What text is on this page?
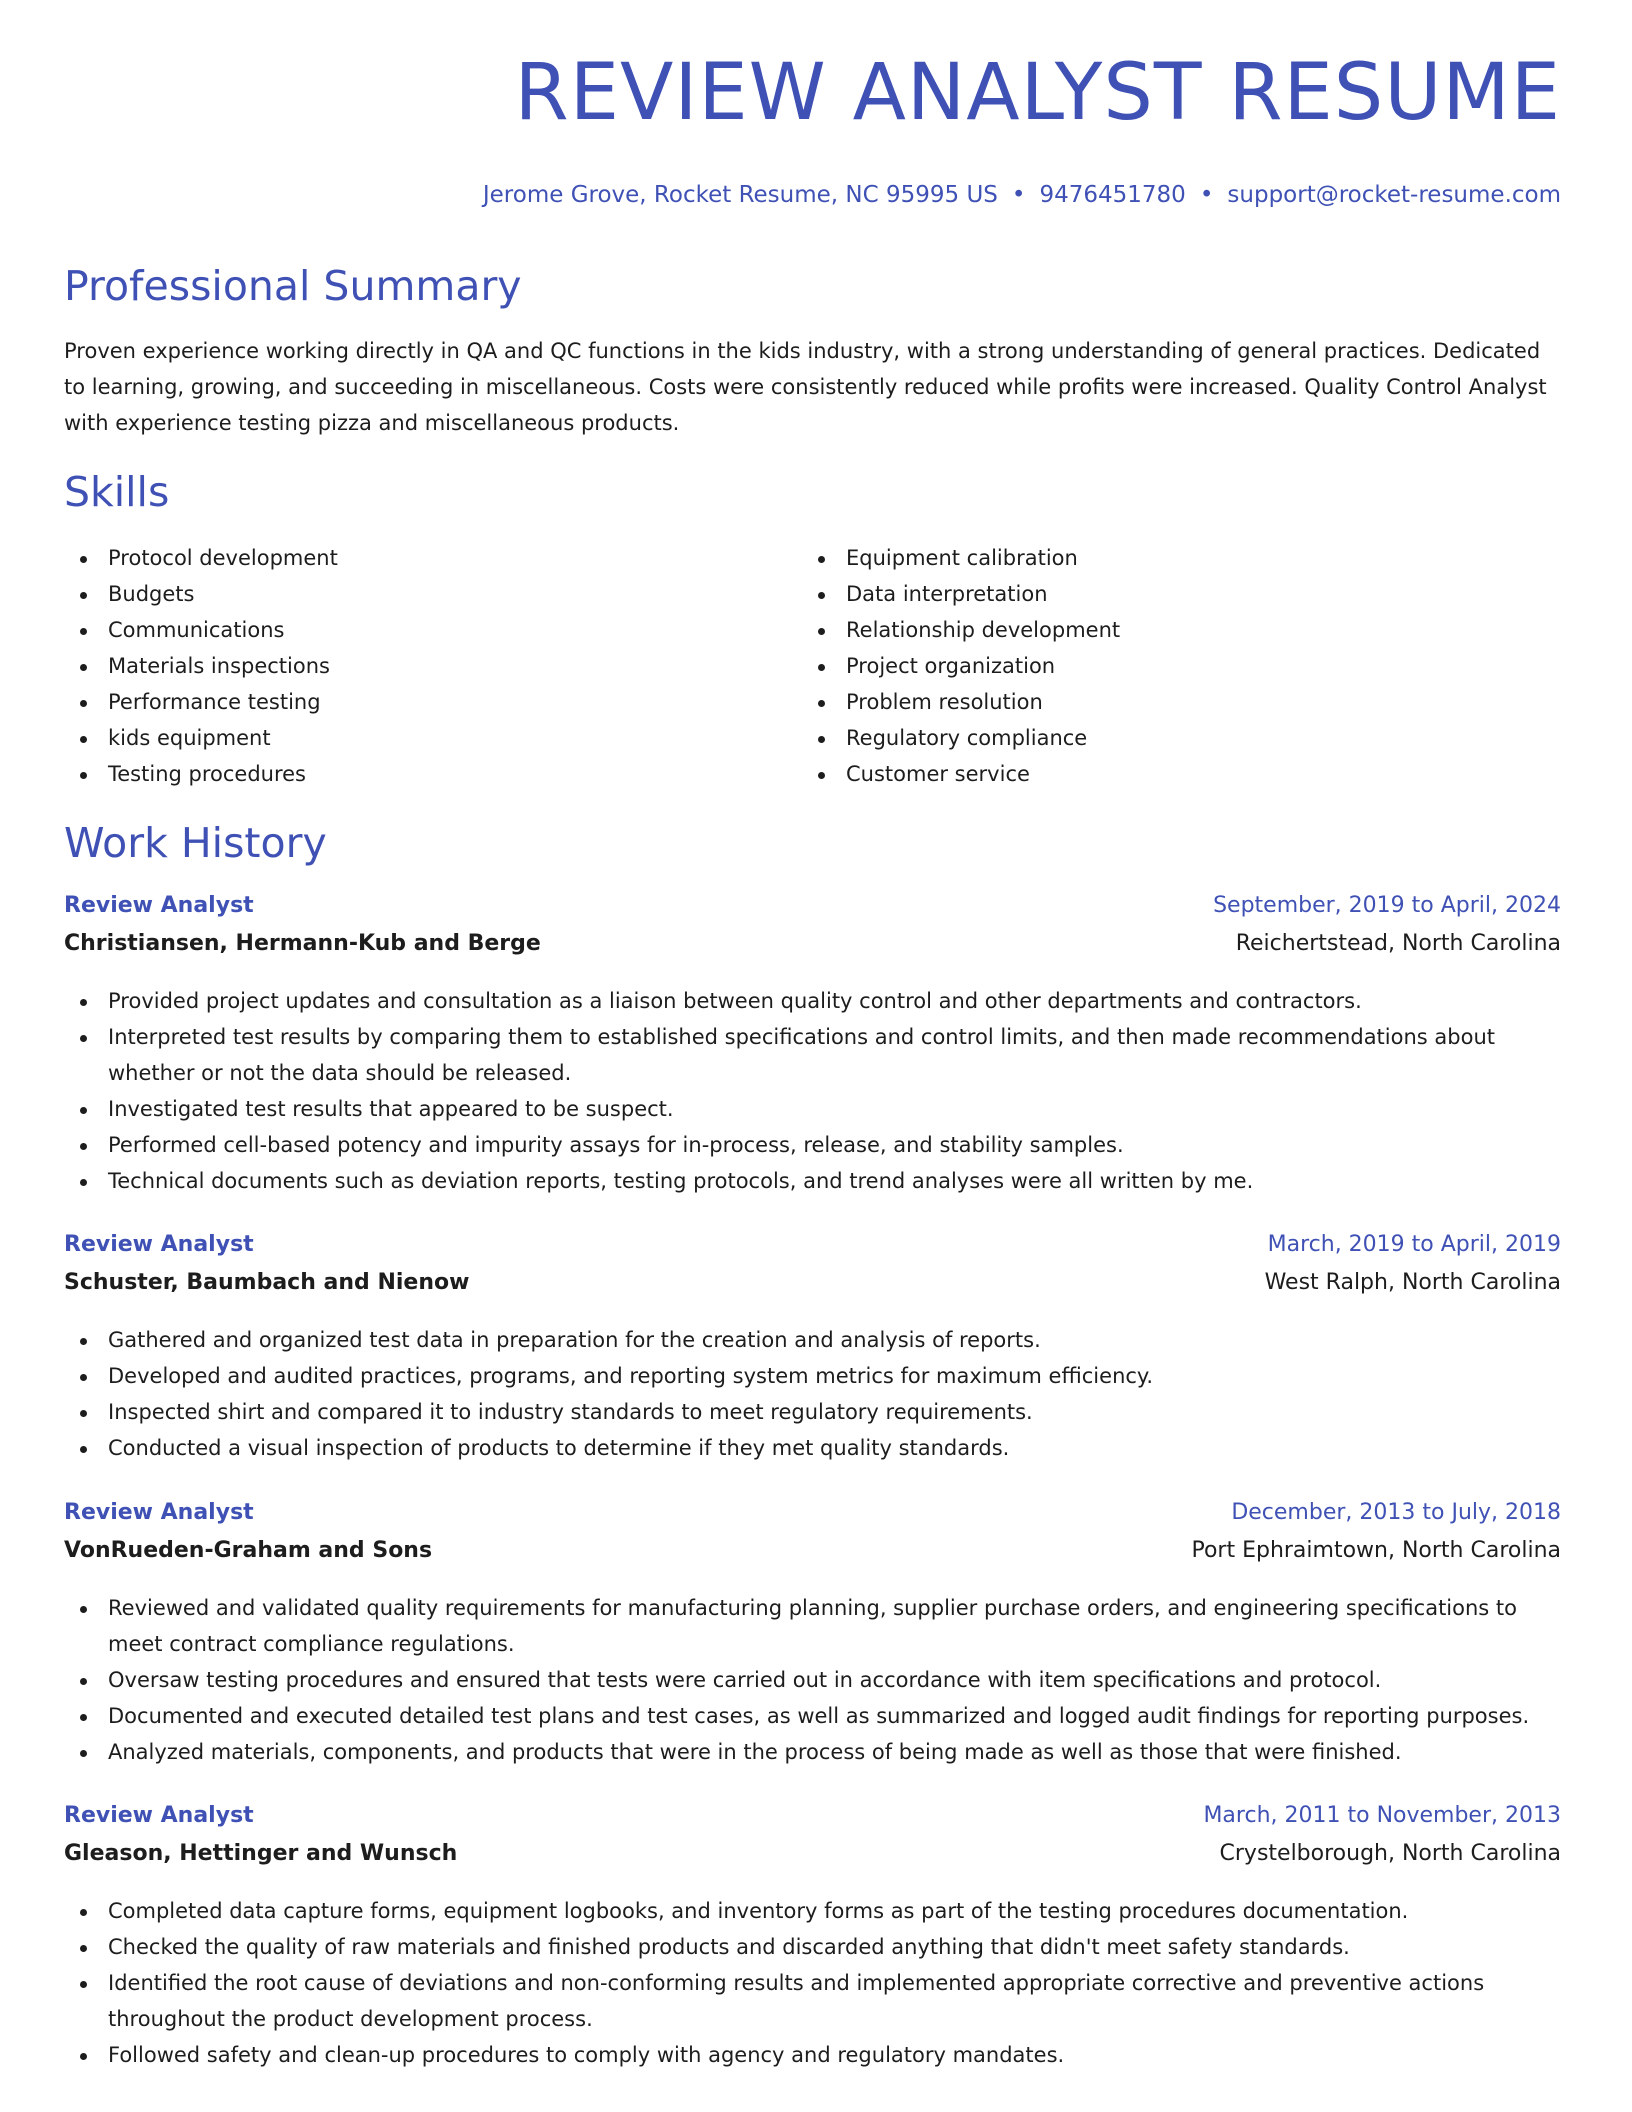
REVIEW ANALYST RESUME
Jerome Grove, Rocket Resume, NC 95995 US • 9476451780 • support@rocket-resume.com
Professional Summary

Proven experience working directly in QA and QC functions in the kids industry, with a strong understanding of general practices. Dedicated to learning, growing, and succeeding in miscellaneous. Costs were consistently reduced while profits were increased. Quality Control Analyst with experience testing pizza and miscellaneous products.

Skills
Protocol development
Budgets
Communications
Materials inspections
Performance testing
kids equipment
Testing procedures
Equipment calibration
Data interpretation
Relationship development
Project organization
Problem resolution
Regulatory compliance
Customer service
Work History
Review Analyst	September, 2019 to April, 2024
Christiansen, Hermann-Kub and Berge	Reichertstead, North Carolina
Provided project updates and consultation as a liaison between quality control and other departments and contractors.
Interpreted test results by comparing them to established specifications and control limits, and then made recommendations about whether or not the data should be released.
Investigated test results that appeared to be suspect.
Performed cell-based potency and impurity assays for in-process, release, and stability samples.
Technical documents such as deviation reports, testing protocols, and trend analyses were all written by me.
Review Analyst	March, 2019 to April, 2019
Schuster, Baumbach and Nienow	West Ralph, North Carolina
Gathered and organized test data in preparation for the creation and analysis of reports.
Developed and audited practices, programs, and reporting system metrics for maximum efficiency.
Inspected shirt and compared it to industry standards to meet regulatory requirements.
Conducted a visual inspection of products to determine if they met quality standards.
Review Analyst	December, 2013 to July, 2018
VonRueden-Graham and Sons	Port Ephraimtown, North Carolina
Reviewed and validated quality requirements for manufacturing planning, supplier purchase orders, and engineering specifications to meet contract compliance regulations.
Oversaw testing procedures and ensured that tests were carried out in accordance with item specifications and protocol.
Documented and executed detailed test plans and test cases, as well as summarized and logged audit findings for reporting purposes.
Analyzed materials, components, and products that were in the process of being made as well as those that were finished.
Review Analyst	March, 2011 to November, 2013
Gleason, Hettinger and Wunsch	Crystelborough, North Carolina
Completed data capture forms, equipment logbooks, and inventory forms as part of the testing procedures documentation.
Checked the quality of raw materials and finished products and discarded anything that didn't meet safety standards.
Identified the root cause of deviations and non-conforming results and implemented appropriate corrective and preventive actions throughout the product development process.
Followed safety and clean-up procedures to comply with agency and regulatory mandates.
